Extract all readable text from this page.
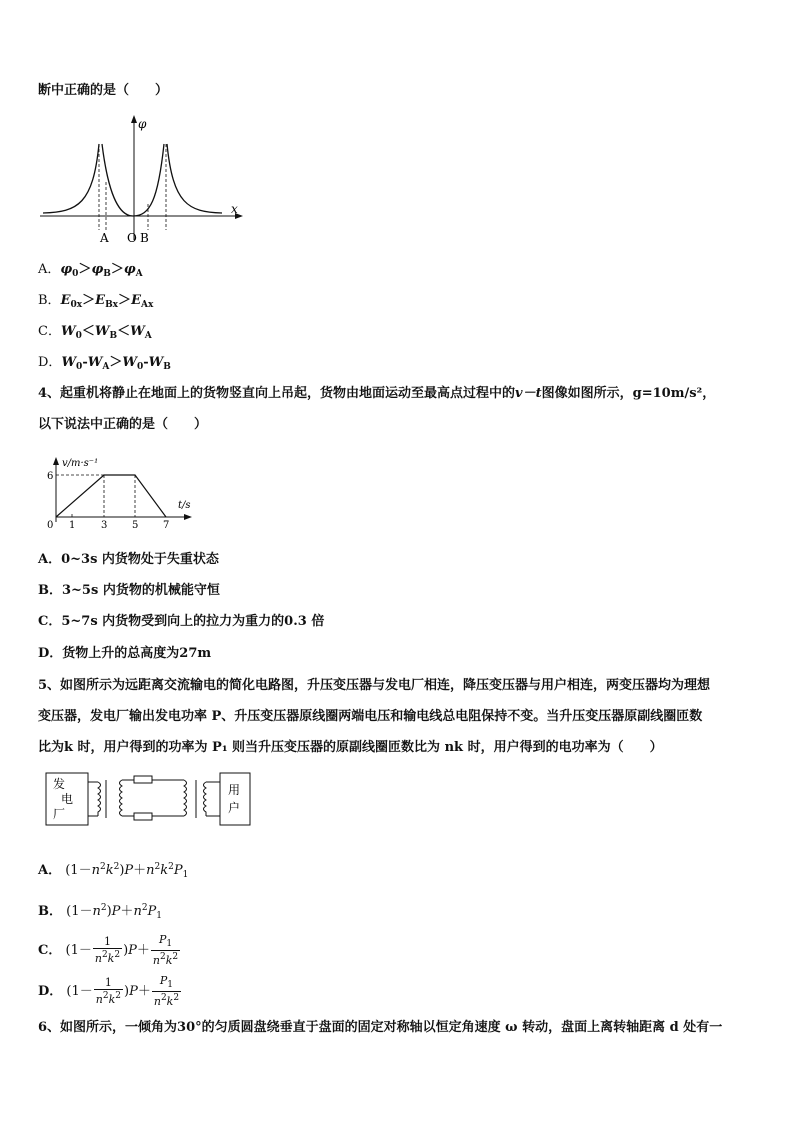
断中正确的是（　　）
φ
x
A O B
A．$\varphi_0>\varphi_B>\varphi_A$
B．$E_{0x}>E_{Bx}>E_{Ax}$
C．$W_0<W_B<W_A$
D．$W_0-W_A>W_0-W_B$
4、起重机将静止在地面上的货物竖直向上吊起，货物由地面运动至最高点过程中的v－t图像如图所示，g=10m/s²，
以下说法中正确的是（　　）
v/m·s⁻¹
t/s
6
0 1	3 5 7
A．0~3s 内货物处于失重状态
B．3~5s 内货物的机械能守恒
C．5~7s 内货物受到向上的拉力为重力的0.3 倍
D．货物上升的总高度为27m
5、如图所示为远距离交流输电的简化电路图，升压变压器与发电厂相连，降压变压器与用户相连，两变压器均为理想
变压器，发电厂输出发电功率 P、升压变压器原线圈两端电压和输电线总电阻保持不变。当升压变压器原副线圈匝数
比为k 时，用户得到的功率为 P₁ 则当升压变压器的原副线圈匝数比为 nk 时，用户得到的电功率为（　　）
发
电
厂
用
户
A． $(1-n^2k^2)P+n^2k^2P_1$
B． $(1-n^2)P+n^2P_1$
C． $(1- \frac{1}{n^2k^2} )P+ \frac{P_1}{n^2k^2}$
D． $(1- \frac{1}{n^2k^2} )P+ \frac{P_1}{n^2k^2}$
6、如图所示，一倾角为30°的匀质圆盘绕垂直于盘面的固定对称轴以恒定角速度 ω 转动，盘面上离转轴距离 d 处有一
